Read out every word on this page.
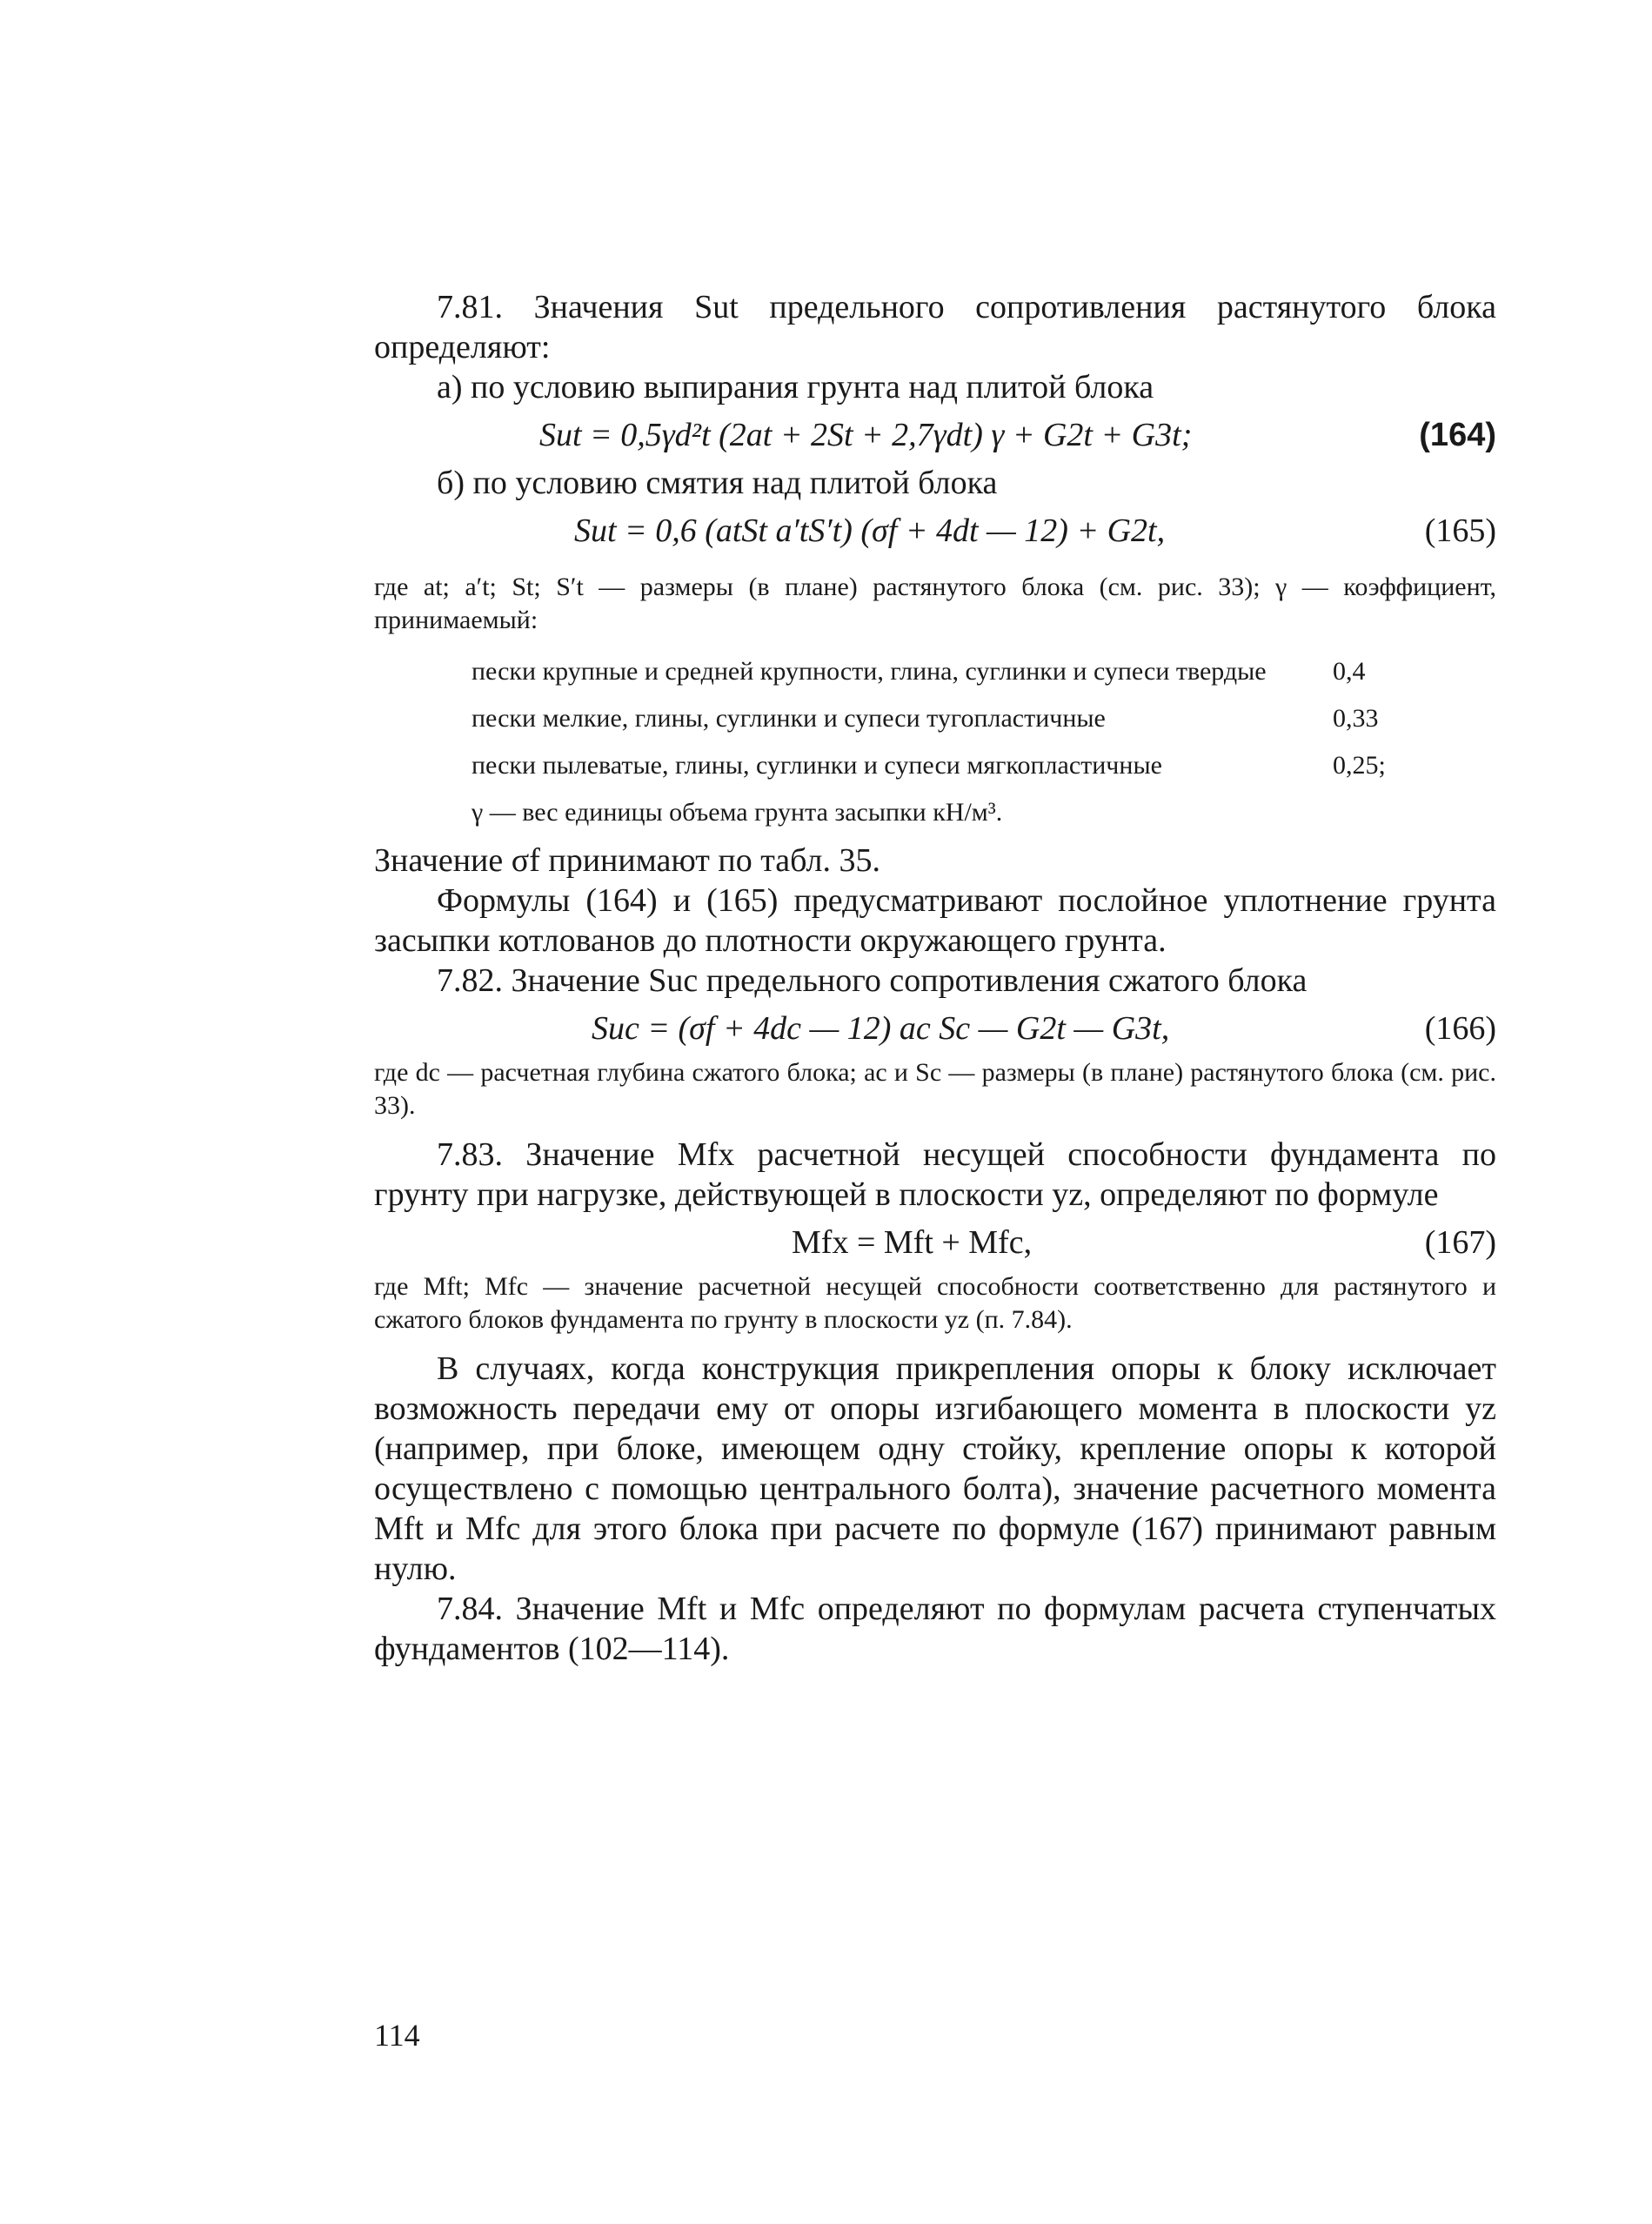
7.81. Значения Sut предельного сопротивления растянутого блока определяют:

а) по условию выпирания грунта над плитой блока

Sut = 0,5γd²t (2at + 2St + 2,7γdt) γ + G2t + G3t;	(164)

б) по условию смятия над плитой блока

Sut = 0,6 (atSt a′tS′t) (σf + 4dt — 12) + G2t,	(165)

где at; a′t; St; S′t — размеры (в плане) растянутого блока (см. рис. 33); γ — коэффициент, принимаемый:

пески крупные и средней крупности, глина, суглинки и супеси твердые	0,4
пески мелкие, глины, суглинки и супеси тугопластичные	0,33
пески пылеватые, глины, суглинки и супеси мягкопластичные	0,25;

γ — вес единицы объема грунта засыпки кН/м³.

Значение σf принимают по табл. 35.

Формулы (164) и (165) предусматривают послойное уплотнение грунта засыпки котлованов до плотности окружающего грунта.

7.82. Значение Suc предельного сопротивления сжатого блока

Suc = (σf + 4dc — 12) ac Sc — G2t — G3t,	(166)

где dc — расчетная глубина сжатого блока; ac и Sc — размеры (в плане) растянутого блока (см. рис. 33).

7.83. Значение Mfx расчетной несущей способности фундамента по грунту при нагрузке, действующей в плоскости yz, определяют по формуле

Mfx = Mft + Mfc,	(167)

где Mft; Mfc — значение расчетной несущей способности соответственно для растянутого и сжатого блоков фундамента по грунту в плоскости yz (п. 7.84).

В случаях, когда конструкция прикрепления опоры к блоку исключает возможность передачи ему от опоры изгибающего момента в плоскости yz (например, при блоке, имеющем одну стойку, крепление опоры к которой осуществлено с помощью центрального болта), значение расчетного момента Mft и Mfc для этого блока при расчете по формуле (167) принимают равным нулю.

7.84. Значение Mft и Mfc определяют по формулам расчета ступенчатых фундаментов (102—114).

114
